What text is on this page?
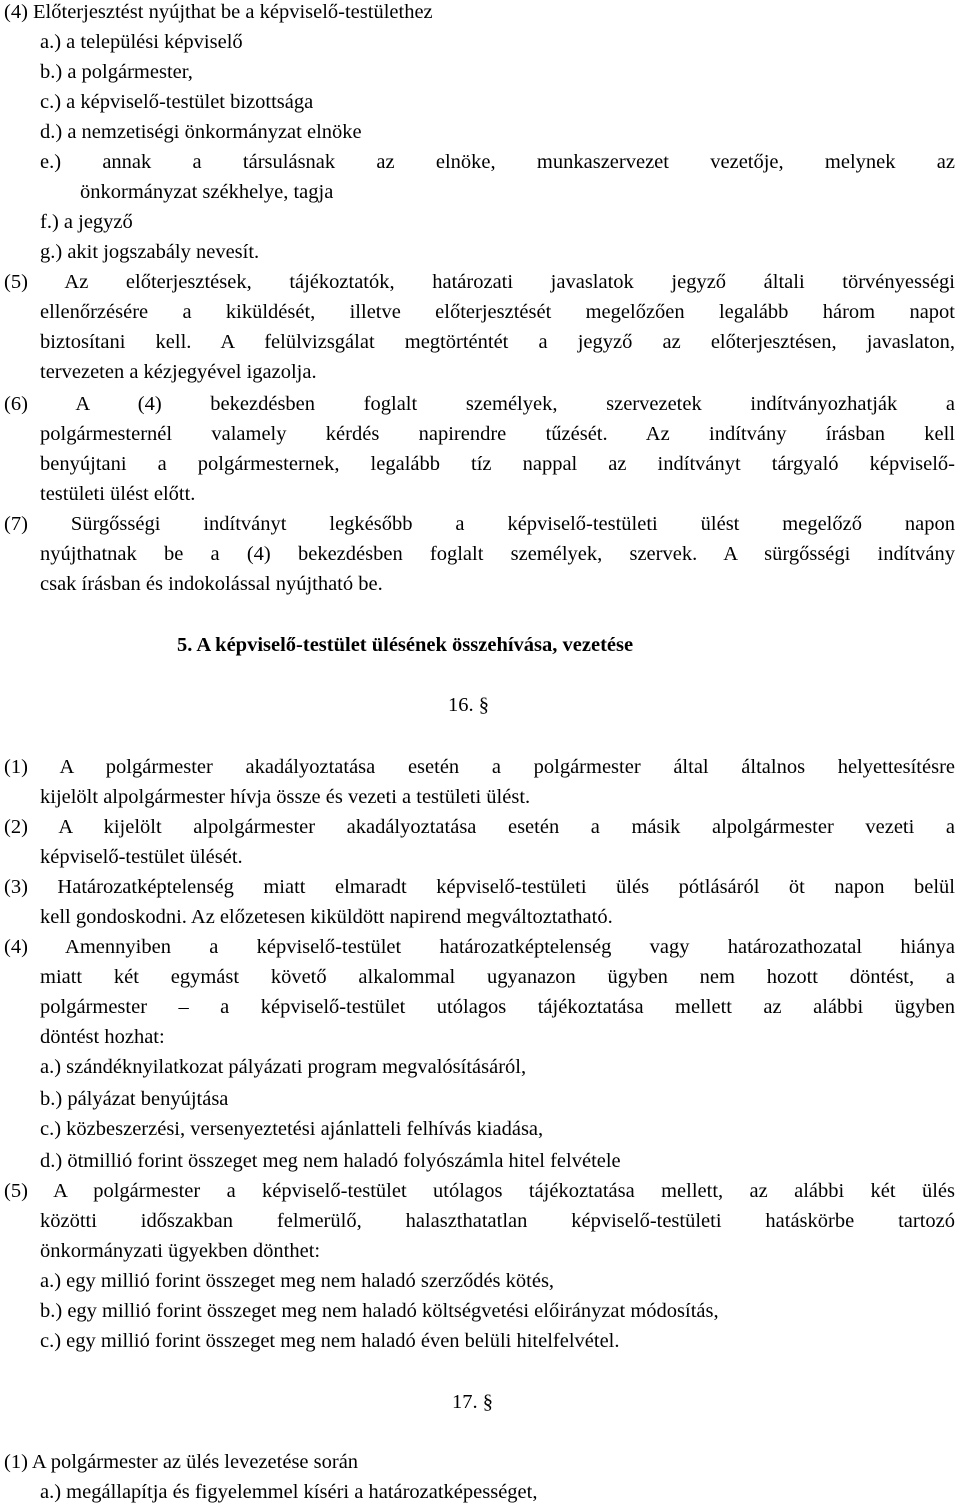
(4) Előterjesztést nyújthat be a képviselő-testülethez
a.) a települési képviselő
b.) a polgármester,
c.) a képviselő-testület bizottsága
d.) a nemzetiségi önkormányzat elnöke
e.) annak a társulásnak az elnöke, munkaszervezet vezetője, melynek az
önkormányzat székhelye, tagja
f.) a jegyző
g.) akit jogszabály nevesít.
(5) Az előterjesztések, tájékoztatók, határozati javaslatok jegyző általi törvényességi
ellenőrzésére a kiküldését, illetve előterjesztését megelőzően legalább három napot
biztosítani kell. A felülvizsgálat megtörténtét a jegyző az előterjesztésen, javaslaton,
tervezeten a kézjegyével igazolja.
(6) A (4) bekezdésben foglalt személyek, szervezetek indítványozhatják a
polgármesternél valamely kérdés napirendre tűzését. Az indítvány írásban kell
benyújtani a polgármesternek, legalább tíz nappal az indítványt tárgyaló képviselő-
testületi ülést előtt.
(7) Sürgősségi indítványt legkésőbb a képviselő-testületi ülést megelőző napon
nyújthatnak be a (4) bekezdésben foglalt személyek, szervek. A sürgősségi indítvány
csak írásban és indokolással nyújtható be.
5. A képviselő-testület ülésének összehívása, vezetése
16. §
(1) A polgármester akadályoztatása esetén a polgármester által általnos helyettesítésre
kijelölt alpolgármester hívja össze és vezeti a testületi ülést.
(2) A kijelölt alpolgármester akadályoztatása esetén a másik alpolgármester vezeti a
képviselő-testület ülését.
(3) Határozatképtelenség miatt elmaradt képviselő-testületi ülés pótlásáról öt napon belül
kell gondoskodni. Az előzetesen kiküldött napirend megváltoztatható.
(4) Amennyiben a képviselő-testület határozatképtelenség vagy határozathozatal hiánya
miatt két egymást követő alkalommal ugyanazon ügyben nem hozott döntést, a
polgármester – a képviselő-testület utólagos tájékoztatása mellett az alábbi ügyben
döntést hozhat:
a.) szándéknyilatkozat pályázati program megvalósításáról,
b.) pályázat benyújtása
c.) közbeszerzési, versenyeztetési ajánlatteli felhívás kiadása,
d.) ötmillió forint összeget meg nem haladó folyószámla hitel felvétele
(5) A polgármester a képviselő-testület utólagos tájékoztatása mellett, az alábbi két ülés
közötti időszakban felmerülő, halaszthatatlan képviselő-testületi hatáskörbe tartozó
önkormányzati ügyekben dönthet:
a.) egy millió forint összeget meg nem haladó szerződés kötés,
b.) egy millió forint összeget meg nem haladó költségvetési előirányzat módosítás,
c.) egy millió forint összeget meg nem haladó éven belüli hitelfelvétel.
17. §
(1) A polgármester az ülés levezetése során
a.) megállapítja és figyelemmel kíséri a határozatképességet,
